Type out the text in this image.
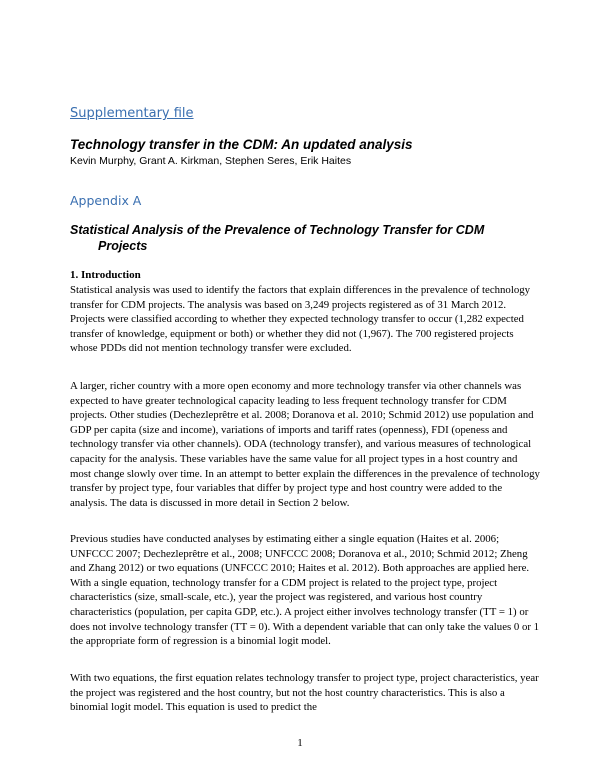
Supplementary file
Technology transfer in the CDM: An updated analysis
Kevin Murphy, Grant A. Kirkman, Stephen Seres, Erik Haites
Appendix A
Statistical Analysis of the Prevalence of Technology Transfer for CDM
Projects
1. Introduction

Statistical analysis was used to identify the factors that explain differences in the prevalence of technology transfer for CDM projects. The analysis was based on 3,249 projects registered as of 31 March 2012. Projects were classified according to whether they expected technology transfer to occur (1,282 expected transfer of knowledge, equipment or both) or whether they did not (1,967). The 700 registered projects whose PDDs did not mention technology transfer were excluded.

A larger, richer country with a more open economy and more technology transfer via other channels was expected to have greater technological capacity leading to less frequent technology transfer for CDM projects. Other studies (Dechezleprêtre et al. 2008; Doranova et al. 2010; Schmid 2012) use population and GDP per capita (size and income), variations of imports and tariff rates (openness), FDI (openess and technology transfer via other channels). ODA (technology transfer), and various measures of technological capacity for the analysis. These variables have the same value for all project types in a host country and most change slowly over time. In an attempt to better explain the differences in the prevalence of technology transfer by project type, four variables that differ by project type and host country were added to the analysis. The data is discussed in more detail in Section 2 below.

Previous studies have conducted analyses by estimating either a single equation (Haites et al. 2006; UNFCCC 2007; Dechezleprêtre et al., 2008; UNFCCC 2008; Doranova et al., 2010; Schmid 2012; Zheng and Zhang 2012) or two equations (UNFCCC 2010; Haites et al. 2012). Both approaches are applied here. With a single equation, technology transfer for a CDM project is related to the project type, project characteristics (size, small-scale, etc.), year the project was registered, and various host country characteristics (population, per capita GDP, etc.). A project either involves technology transfer (TT = 1) or does not involve technology transfer (TT = 0). With a dependent variable that can only take the values 0 or 1 the appropriate form of regression is a binomial logit model.

With two equations, the first equation relates technology transfer to project type, project characteristics, year the project was registered and the host country, but not the host country characteristics. This is also a binomial logit model. This equation is used to predict the

1
